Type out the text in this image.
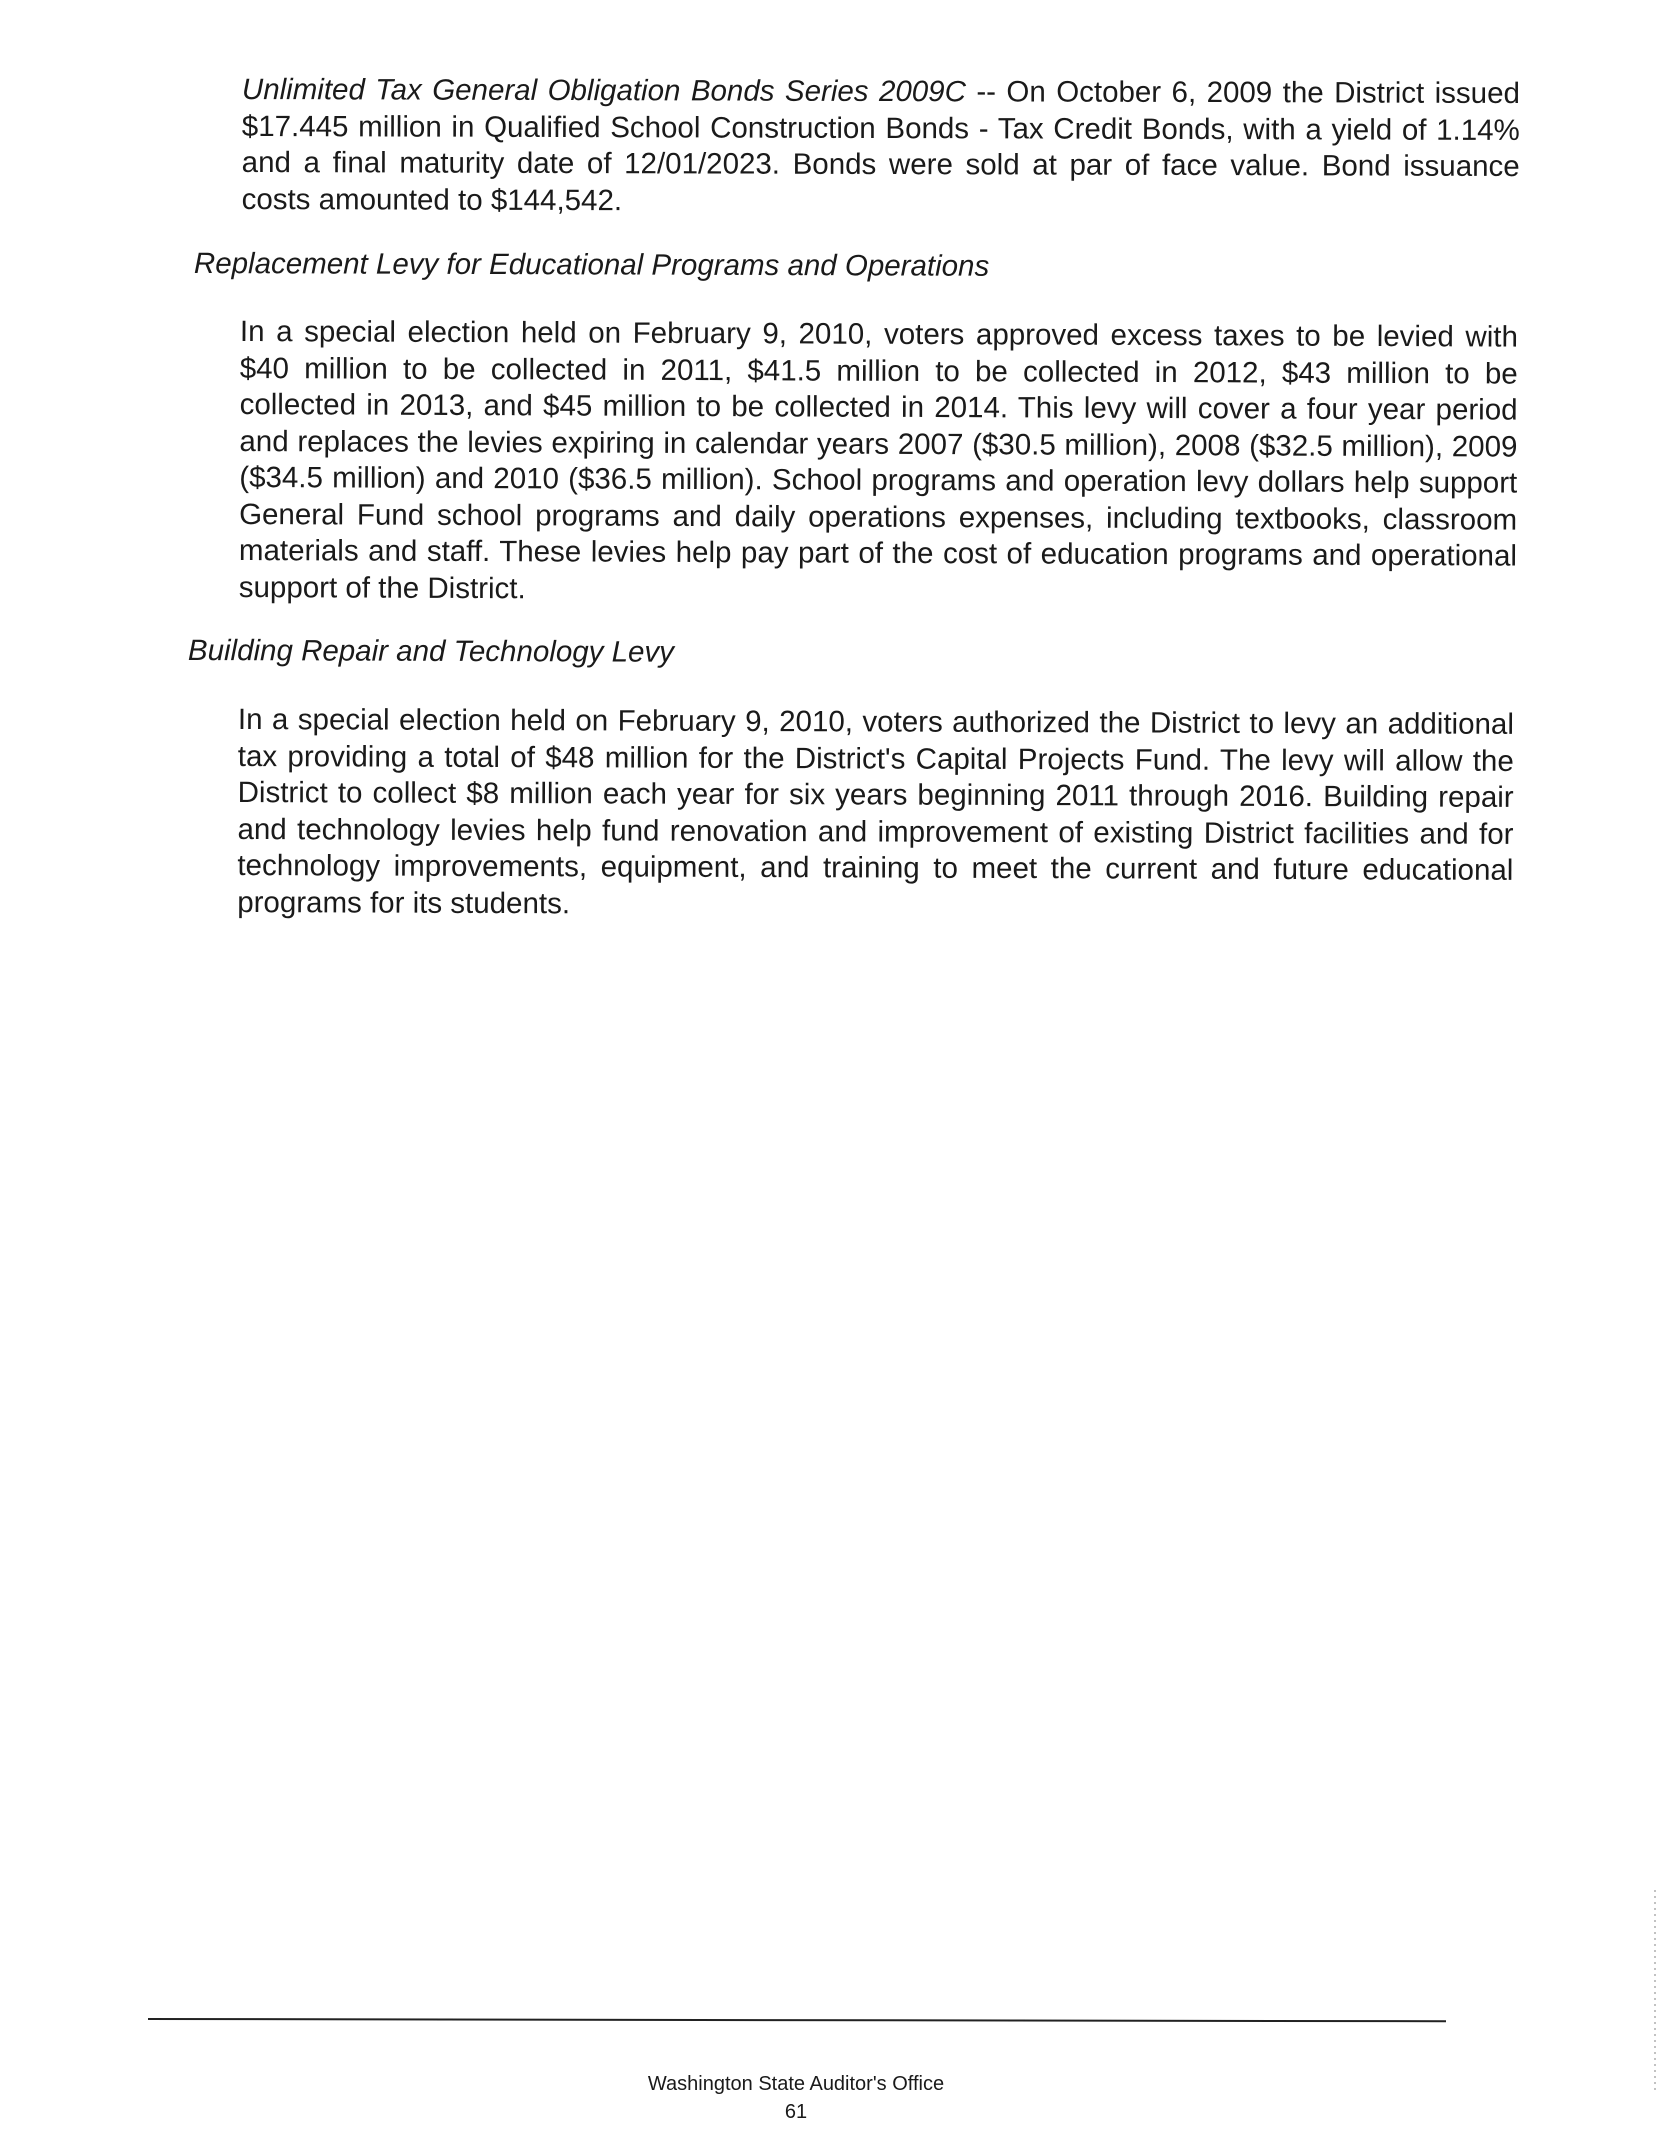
Unlimited Tax General Obligation Bonds Series 2009C -- On October 6, 2009 the District issued $17.445 million in Qualified School Construction Bonds - Tax Credit Bonds, with a yield of 1.14% and a final maturity date of 12/01/2023. Bonds were sold at par of face value. Bond issuance costs amounted to $144,542.

Replacement Levy for Educational Programs and Operations

In a special election held on February 9, 2010, voters approved excess taxes to be levied with $40 million to be collected in 2011, $41.5 million to be collected in 2012, $43 million to be collected in 2013, and $45 million to be collected in 2014. This levy will cover a four year period and replaces the levies expiring in calendar years 2007 ($30.5 million), 2008 ($32.5 million), 2009 ($34.5 million) and 2010 ($36.5 million). School programs and operation levy dollars help support General Fund school programs and daily operations expenses, including textbooks, classroom materials and staff. These levies help pay part of the cost of education programs and operational support of the District.

Building Repair and Technology Levy

In a special election held on February 9, 2010, voters authorized the District to levy an additional tax providing a total of $48 million for the District's Capital Projects Fund. The levy will allow the District to collect $8 million each year for six years beginning 2011 through 2016. Building repair and technology levies help fund renovation and improvement of existing District facilities and for technology improvements, equipment, and training to meet the current and future educational programs for its students.

Washington State Auditor's Office
61
